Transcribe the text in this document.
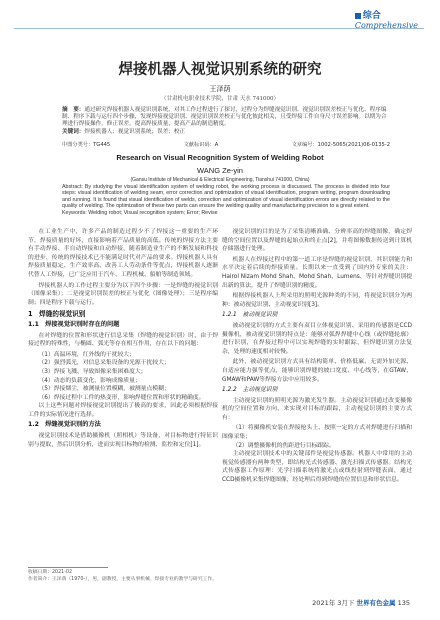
综合
Comprehensive
焊接机器人视觉识别系统的研究
王泽荫
（甘肃机电职业技术学院，甘肃 天水 741000）
摘　要：通过研究焊接机器人视觉识别系统，对其工作过程进行了探讨，过程分为焊缝视觉识别、视觉识别误差校正与优化、程序编制、程序下载与运行四个步骤，发现焊接视觉识别、视觉识别误差校正与优化彼此相关，且受焊接工件自身尺寸误差影响。以期为合理进行焊接操作，修正误差，提高焊接质量，提高产品的制造精度。
关键词：焊接机器人；视觉识别系统；误差；校正
中图分类号：TG445	文献标识码：A	文章编号：1002-5065(2021)06-0135-2
Research on Visual Recognition System of Welding Robot
WANG Ze-yin
(Gansu Institute of Mechanical & Electrical Engineering, Tianshui 741000, China)
Abstract: By studying the visual identification system of welding robot, the working process is discussed. The process is divided into four steps: visual identification of welding seam, error correction and optimization of visual identification, program writing, program downloading and running. It is found that visual identification of welds, correction and optimization of visual identification errors are directly related to the quality of welding. The optimization of these two parts can ensure the welding quality and manufacturing precision to a great extent.
Keywords: Welding robot; Visual recognition system; Error; Revise

在工业生产中，许多产品的制造过程少不了焊接这一重要的生产环节，焊接质量的好坏，直接影响着产品质量的高低。传统的焊接方法主要有手动焊接、半自动焊接和自动焊接，随着制造业生产的不断发展和科技的进步，传统的焊接技术已不能满足时代对产品的要求。焊接机器人具有焊接质量稳定、生产效率高、改善工人劳动条件等优点，焊接机器人逐渐代替人工焊接，已广泛应用于汽车、工程机械、船舶等制造领域。

焊接机器人的工作过程主要分为以下四个步骤：一是焊缝的视觉识别（图像采集）；二是视觉识别误差的校正与优化（图像处理）；三是程序编制；四是程序下载与运行。

1　焊缝的视觉识别
1.1　焊接视觉识别时存在的问题

在对焊缝的位置和形状进行信息采集（焊缝的视觉识别）时，由于焊接过程的特殊性，与椭圆、弧光等存在相互作用，存在以下的问题：

（1）高温环境，红外线的干扰较大；
（2）强烈弧光，对信息采集设备的光源干扰较大；
（3）焊接飞溅、导致图像采集困难度大；
（4）动态的负载变化，影响成像质量；
（5）焊接烟尘，被测量位置模糊，被测量点模糊；
（6）焊接过程中工件的热变形，影响焊缝位置和形状的精确度。

以上这些问题对焊接视觉识别提出了极高的要求，因此必须根据焊接工件的实际情况进行选择。

1.2　焊缝视觉识别的方法

视觉识别技术是借助摄像机（照相机）等设备，对目标物进行特征识别与提取，然后识别分析，进而实现目标物的检测、监控和定位[1]。

收稿日期：2021-02
作者简介：王泽荫（1970-），男，副教授，主要从事机械、焊接专业的教学与研究工作。

视觉识别的目的是为了采集清晰准确、分辨率高的焊缝图像，确定焊缝的空间位置以及焊缝的起始点和终止点[2]，并将图像数据传送到计算机存储器进行处理。

机器人在焊接过程中的第一道工序是焊缝的视觉识别，其识别能力和水平决定着后续的焊接质量。长期以来一直受到了国内外专家的关注：Hairol Nizam Mohd Shah、Mohd Shah、Lumens、等针对焊缝识别提出新的算法，提升了焊缝识别的精度。

根据焊接机器人上所采用的照明光源种类的不同，将视觉识别分为两种：被动视觉识别、主动视觉识别[3]。

1.2.1　被动视觉识别

被动视觉识别的方式主要有双目立体视觉识别、采用的传感器是CCD摄像机，被动视觉识别的特点是：能够对弧焊焊缝中心线（或焊缝轮廓）进行识别，在焊接过程中可以实现焊缝的实时跟踪，但焊缝识别方法复杂，处理的速度相对较慢。

此外，被动视觉识别方式具有结构简单、价格低廉、无需外加光源、自适应能力强等优点，能够识别焊缝的坡口宽度、中心线等，在GTAW、GMAW和PAW等焊接方法中应用较多。

1.2.2　主动视觉识别

主动视觉识别的照明光源为激光发生器。主动视觉识别通过改变摄像机的空间位置和方向，来实现对目标的跟踪，主动视觉识别的主要方式有：

（1）将摄像机安装在焊接枪头上，按照一定的方式对焊缝进行扫描和图像采集；
（2）调整摄像机的焦距进行目标跟踪。

主动视觉识别技术中的关键部件是视觉传感器。机器人中常用的主动视觉传感器有两种类型，即结构光式传感器、激光扫描式传感器。结构光式传感器工作原理：光学扫描系统将激光点或线投射到焊缝表面，通过CCD摄像机采集焊缝图像，经处理后得到焊缝的位置信息和形状信息。

2021年 3月下 世界有色金属 135
